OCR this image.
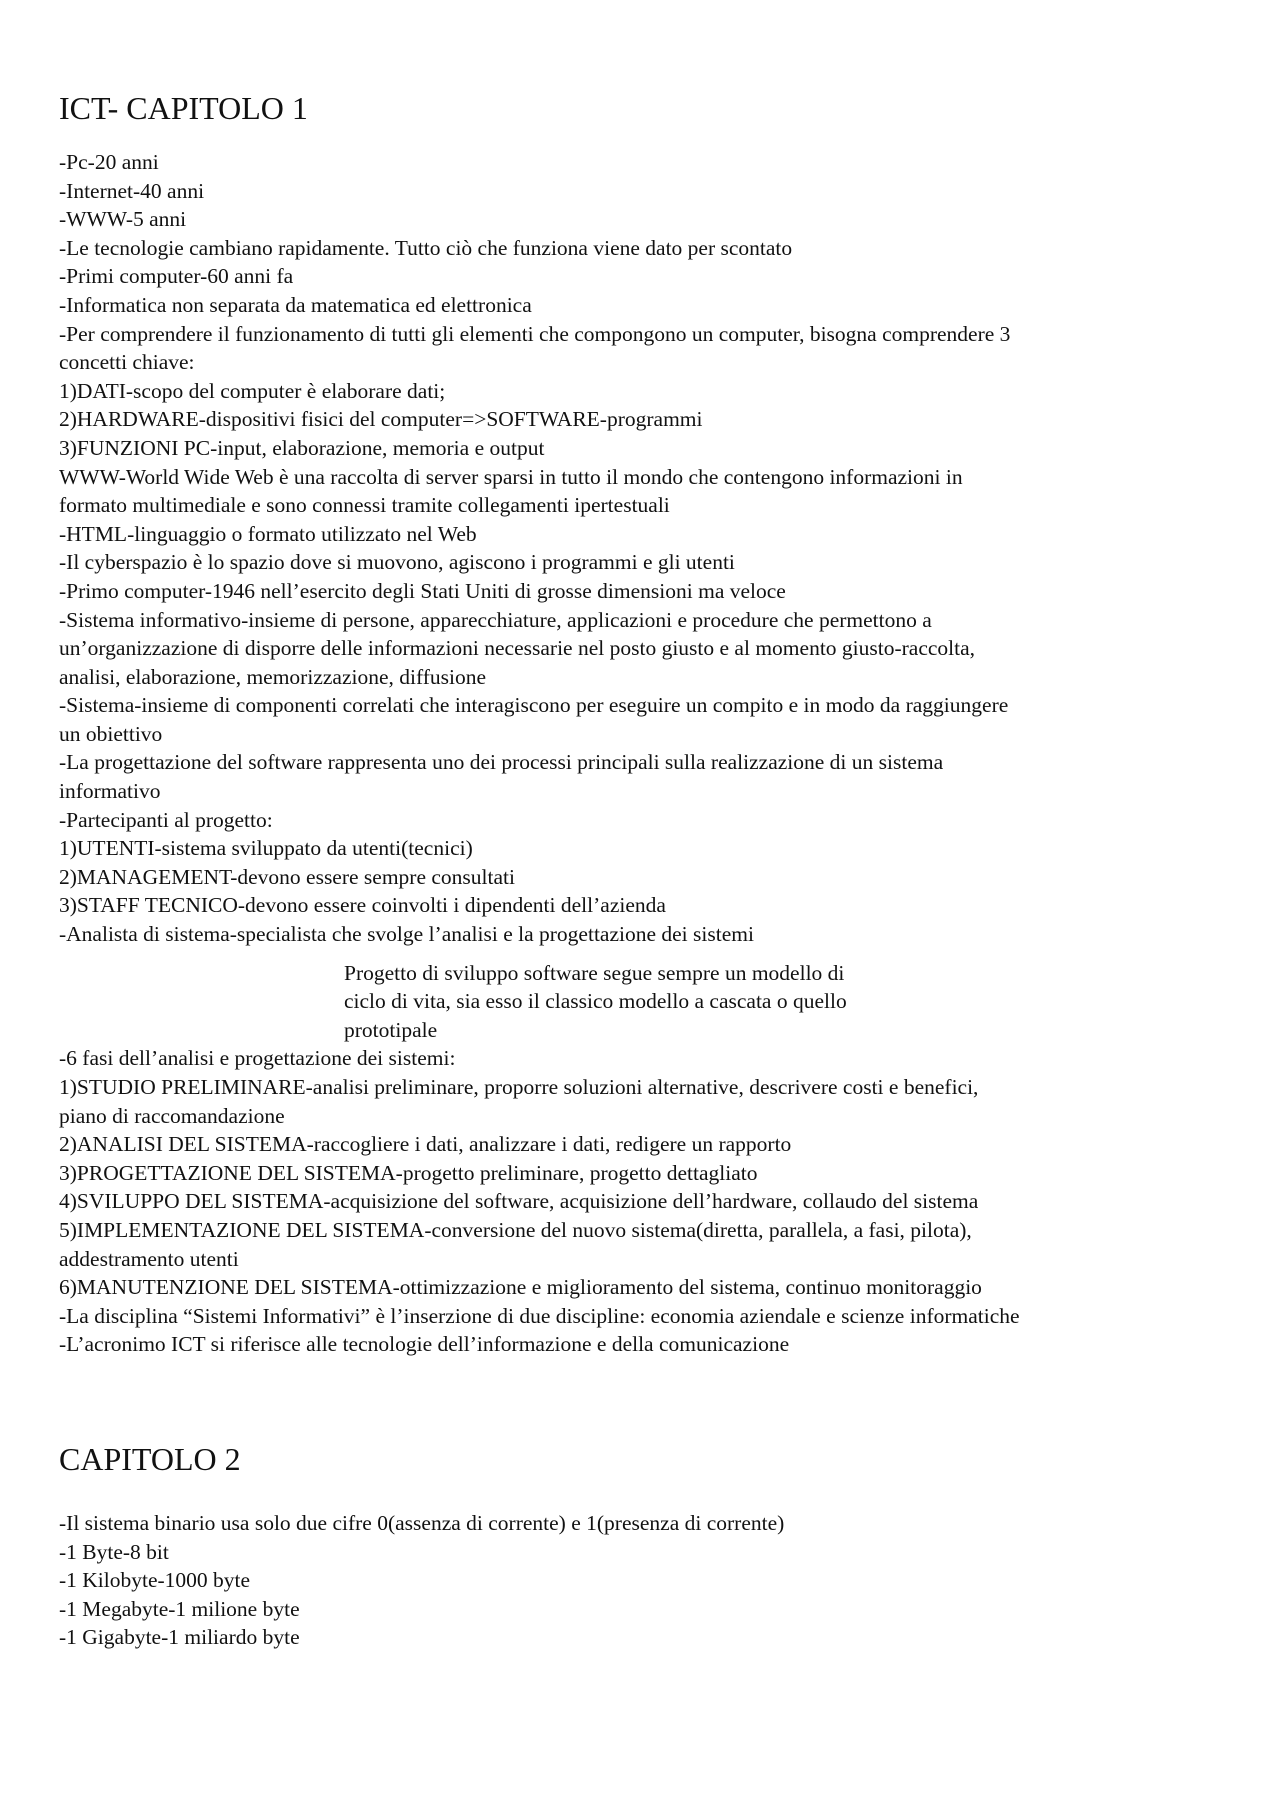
ICT- CAPITOLO 1
-Pc-20 anni
-Internet-40 anni
-WWW-5 anni
-Le tecnologie cambiano rapidamente. Tutto ciò che funziona viene dato per scontato
-Primi computer-60 anni fa
-Informatica non separata da matematica ed elettronica
-Per comprendere il funzionamento di tutti gli elementi che compongono un computer, bisogna comprendere 3
concetti chiave:
1)DATI-scopo del computer è elaborare dati;
2)HARDWARE-dispositivi fisici del computer=>SOFTWARE-programmi
3)FUNZIONI PC-input, elaborazione, memoria e output
WWW-World Wide Web è una raccolta di server sparsi in tutto il mondo che contengono informazioni in
formato multimediale e sono connessi tramite collegamenti ipertestuali
-HTML-linguaggio o formato utilizzato nel Web
-Il cyberspazio è lo spazio dove si muovono, agiscono i programmi e gli utenti
-Primo computer-1946 nell’esercito degli Stati Uniti di grosse dimensioni ma veloce
-Sistema informativo-insieme di persone, apparecchiature, applicazioni e procedure che permettono a
un’organizzazione di disporre delle informazioni necessarie nel posto giusto e al momento giusto-raccolta,
analisi, elaborazione, memorizzazione, diffusione
-Sistema-insieme di componenti correlati che interagiscono per eseguire un compito e in modo da raggiungere
un obiettivo
-La progettazione del software rappresenta uno dei processi principali sulla realizzazione di un sistema
informativo
-Partecipanti al progetto:
1)UTENTI-sistema sviluppato da utenti(tecnici)
2)MANAGEMENT-devono essere sempre consultati
3)STAFF TECNICO-devono essere coinvolti i dipendenti dell’azienda
-Analista di sistema-specialista che svolge l’analisi e la progettazione dei sistemi
Progetto di sviluppo software segue sempre un modello di
ciclo di vita, sia esso il classico modello a cascata o quello
prototipale
-6 fasi dell’analisi e progettazione dei sistemi:
1)STUDIO PRELIMINARE-analisi preliminare, proporre soluzioni alternative, descrivere costi e benefici,
piano di raccomandazione
2)ANALISI DEL SISTEMA-raccogliere i dati, analizzare i dati, redigere un rapporto
3)PROGETTAZIONE DEL SISTEMA-progetto preliminare, progetto dettagliato
4)SVILUPPO DEL SISTEMA-acquisizione del software, acquisizione dell’hardware, collaudo del sistema
5)IMPLEMENTAZIONE DEL SISTEMA-conversione del nuovo sistema(diretta, parallela, a fasi, pilota),
addestramento utenti
6)MANUTENZIONE DEL SISTEMA-ottimizzazione e miglioramento del sistema, continuo monitoraggio
-La disciplina “Sistemi Informativi” è l’inserzione di due discipline: economia aziendale e scienze informatiche
-L’acronimo ICT si riferisce alle tecnologie dell’informazione e della comunicazione
CAPITOLO 2
-Il sistema binario usa solo due cifre 0(assenza di corrente) e 1(presenza di corrente)
-1 Byte-8 bit
-1 Kilobyte-1000 byte
-1 Megabyte-1 milione byte
-1 Gigabyte-1 miliardo byte
